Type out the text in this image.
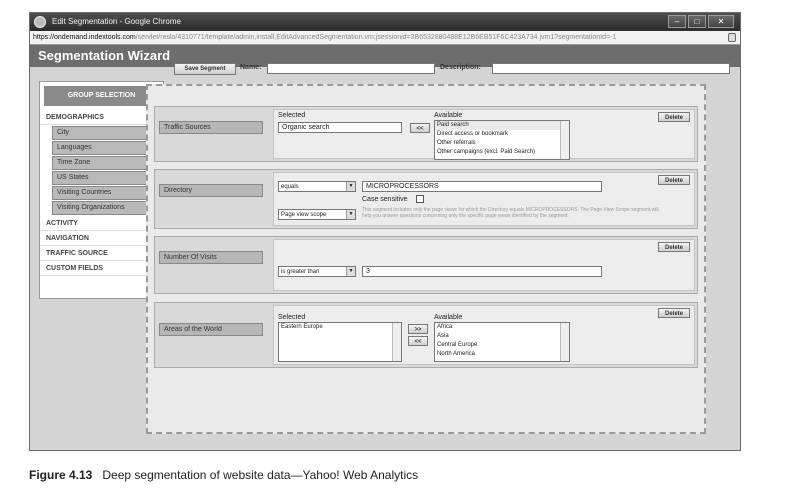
Edit Segmentation - Google Chrome	–	□	✕
https://ondemand.indextools.com/servlet/reslo/4310771/template/admin,install,EditAdvancedSegmentation.vm;jsessionid=3B6532880488E12B6EB51F6C423A734.jvm1?segmentationId=-1
Segmentation Wizard
GROUP SELECTION
DEMOGRAPHICS
City
Languages
Time Zone
US States
Visiting Countries
Visiting Organizations
ACTIVITY
NAVIGATION
TRAFFIC SOURCE
CUSTOM FIELDS
Save Segment	Name:	Description:
Traffic Sources
Selected
Organic search	<<
Available
Paid search
Direct access or bookmark
Other referrals
Other campaigns (excl. Paid Search)
Delete
Directory	equals	▼	MICROPROCESSORS
Case sensitive
Page view scope	▼
This segment includes only the page views for which the Directory equals MICROPROCESSORS. The Page View Scope segment will help you answer questions concerning only the specific page views identified by the segment.
Delete
Number Of Visits
is greater than	▼	3
Delete
Areas of the World
Selected
Eastern Europe	>>
<<
Available
Africa
Asia
Central Europe
North America
Delete
Figure 4.13 Deep segmentation of website data—Yahoo! Web Analytics
